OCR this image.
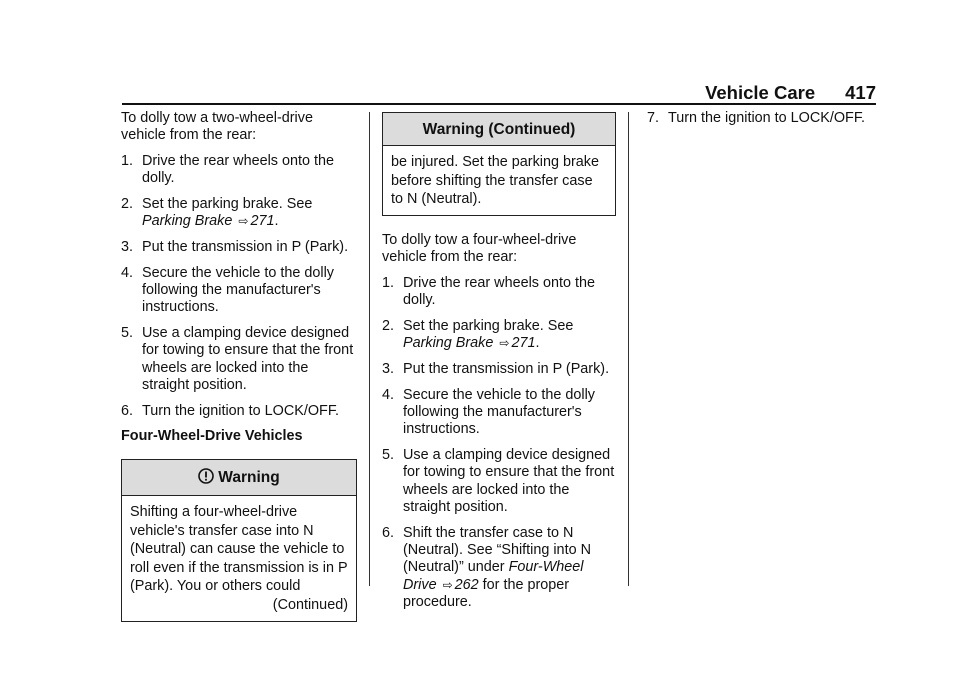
Vehicle Care 417

To dolly tow a two-wheel-drive vehicle from the rear:

1. Drive the rear wheels onto the dolly.
2. Set the parking brake. See
Parking Brake ⇨ 271.
3. Put the transmission in P (Park).
4. Secure the vehicle to the dolly following the manufacturer's instructions.
5. Use a clamping device designed for towing to ensure that the front wheels are locked into the straight position.
6. Turn the ignition to LOCK/OFF.

Four-Wheel-Drive Vehicles

Warning

Shifting a four-wheel-drive vehicle's transfer case into N (Neutral) can cause the vehicle to roll even if the transmission is in P (Park). You or others could

(Continued)

Warning (Continued)

be injured. Set the parking brake before shifting the transfer case to N (Neutral).

To dolly tow a four-wheel-drive vehicle from the rear:

1. Drive the rear wheels onto the dolly.
2. Set the parking brake. See
Parking Brake ⇨ 271.
3. Put the transmission in P (Park).
4. Secure the vehicle to the dolly following the manufacturer's instructions.
5. Use a clamping device designed for towing to ensure that the front wheels are locked into the straight position.
6. Shift the transfer case to N (Neutral). See “Shifting into N (Neutral)” under Four-Wheel Drive ⇨ 262 for the proper procedure.
7. Turn the ignition to LOCK/OFF.
